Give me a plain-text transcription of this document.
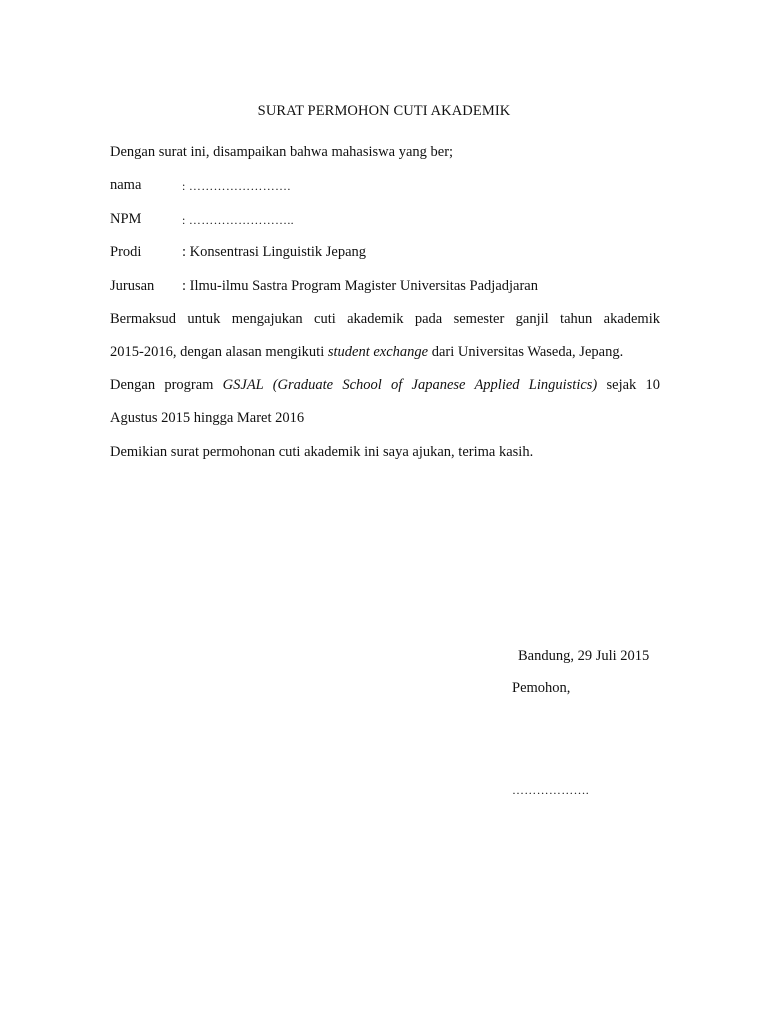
SURAT PERMOHON CUTI AKADEMIK
Dengan surat ini, disampaikan bahwa mahasiswa yang ber;
nama	: …………………….
NPM	: ……………………..
Prodi	: Konsentrasi Linguistik Jepang
Jurusan : Ilmu-ilmu Sastra Program Magister Universitas Padjadjaran
Bermaksud untuk mengajukan cuti akademik pada semester ganjil tahun akademik
2015-2016, dengan alasan mengikuti student exchange dari Universitas Waseda, Jepang.
Dengan program GSJAL (Graduate School of Japanese Applied Linguistics) sejak 10
Agustus 2015 hingga Maret 2016
Demikian surat permohonan cuti akademik ini saya ajukan, terima kasih.
Bandung, 29 Juli 2015
Pemohon,
……………….
